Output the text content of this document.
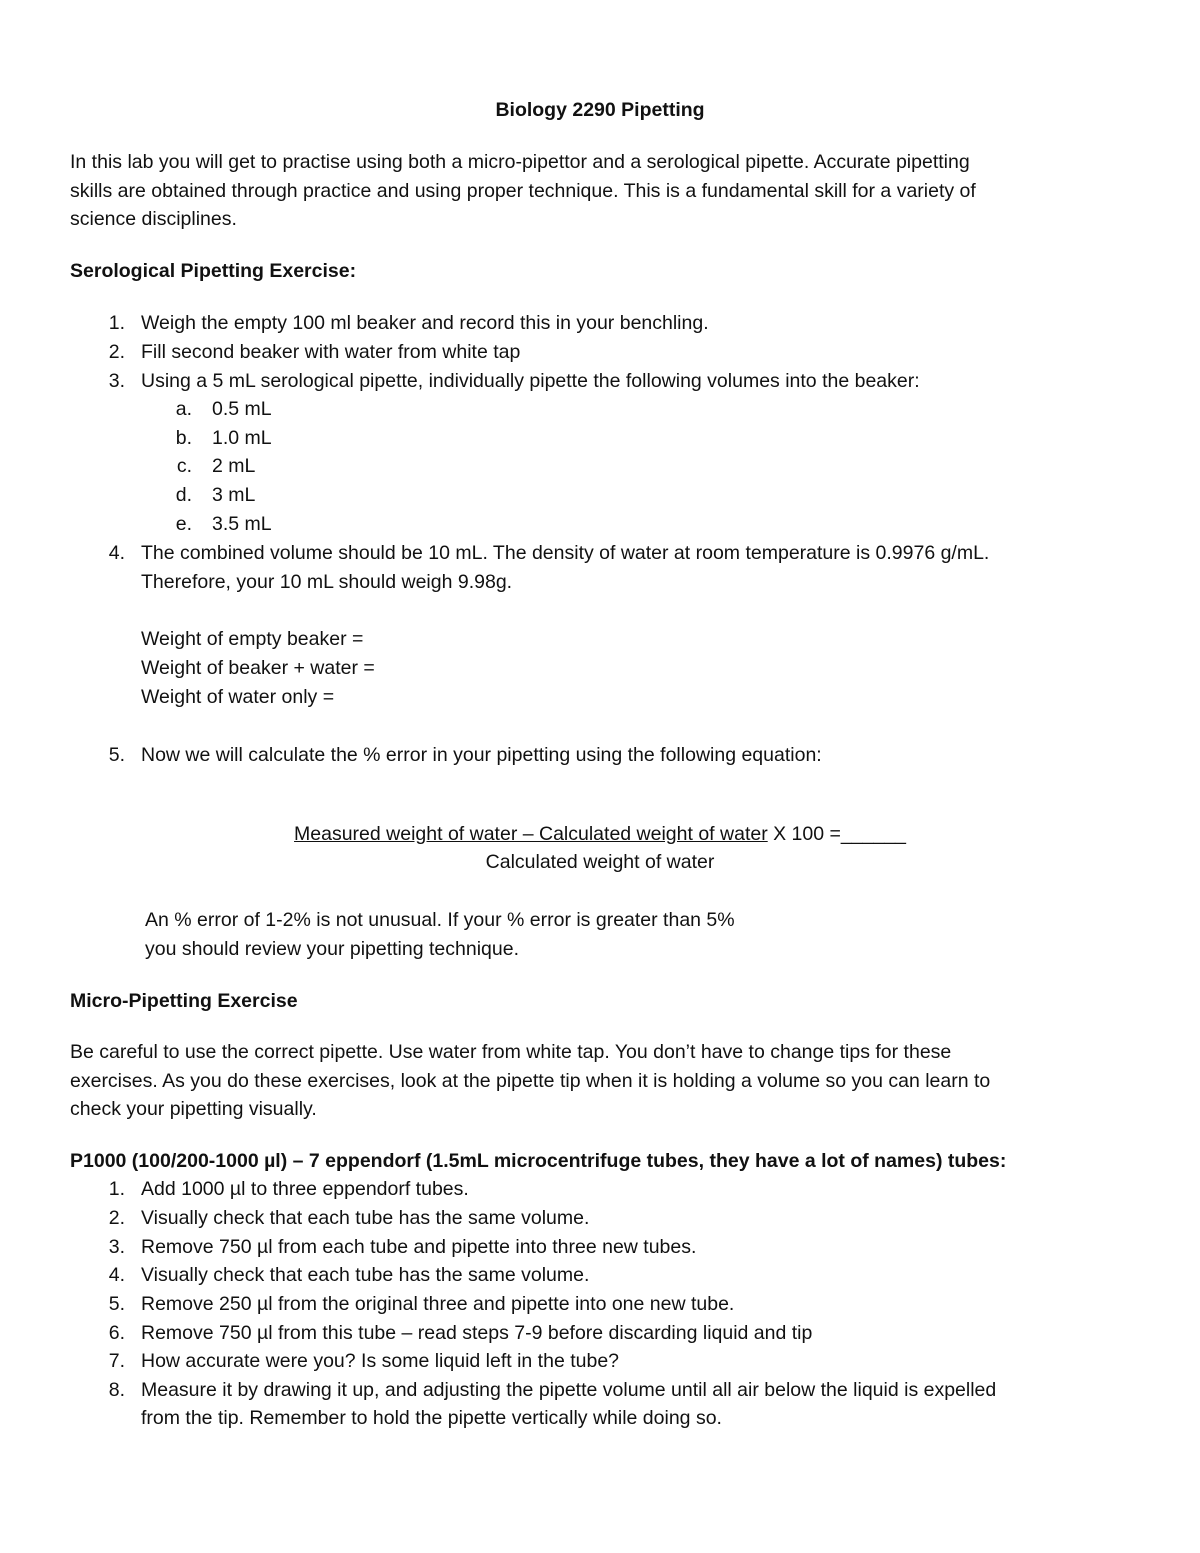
Biology 2290 Pipetting
In this lab you will get to practise using both a micro-pipettor and a serological pipette. Accurate pipetting
skills are obtained through practice and using proper technique. This is a fundamental skill for a variety of
science disciplines.
Serological Pipetting Exercise:
1. Weigh the empty 100 ml beaker and record this in your benchling.
2. Fill second beaker with water from white tap
3. Using a 5 mL serological pipette, individually pipette the following volumes into the beaker:
a. 0.5 mL
b. 1.0 mL
c. 2 mL
d. 3 mL
e. 3.5 mL
4. The combined volume should be 10 mL. The density of water at room temperature is 0.9976 g/mL.
Therefore, your 10 mL should weigh 9.98g.
Weight of empty beaker =
Weight of beaker + water =
Weight of water only =
5. Now we will calculate the % error in your pipetting using the following equation:
Measured weight of water – Calculated weight of water X 100 =______
Calculated weight of water
An % error of 1-2% is not unusual. If your % error is greater than 5%
you should review your pipetting technique.
Micro-Pipetting Exercise
Be careful to use the correct pipette. Use water from white tap. You don’t have to change tips for these
exercises. As you do these exercises, look at the pipette tip when it is holding a volume so you can learn to
check your pipetting visually.
P1000 (100/200-1000 µl) – 7 eppendorf (1.5mL microcentrifuge tubes, they have a lot of names) tubes:
1. Add 1000 µl to three eppendorf tubes.
2. Visually check that each tube has the same volume.
3. Remove 750 µl from each tube and pipette into three new tubes.
4. Visually check that each tube has the same volume.
5. Remove 250 µl from the original three and pipette into one new tube.
6. Remove 750 µl from this tube – read steps 7-9 before discarding liquid and tip
7. How accurate were you? Is some liquid left in the tube?
8. Measure it by drawing it up, and adjusting the pipette volume until all air below the liquid is expelled
from the tip. Remember to hold the pipette vertically while doing so.
